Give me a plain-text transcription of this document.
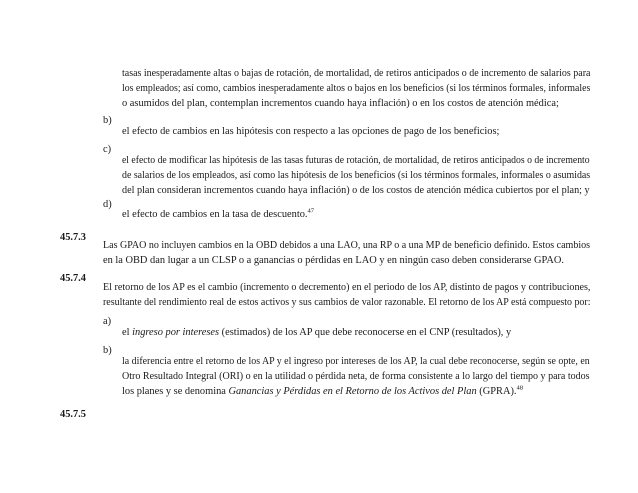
tasas inesperadamente altas o bajas de rotación, de mortalidad, de retiros anticipados o de incremento de salarios para
los empleados; así como, cambios inesperadamente altos o bajos en los beneficios (si los términos formales, informales
o asumidos del plan, contemplan incrementos cuando haya inflación) o en los costos de atención médica;
b)
el efecto de cambios en las hipótesis con respecto a las opciones de pago de los beneficios;
c)
el efecto de modificar las hipótesis de las tasas futuras de rotación, de mortalidad, de retiros anticipados o de incremento
de salarios de los empleados, así como las hipótesis de los beneficios (si los términos formales, informales o asumidas
del plan consideran incrementos cuando haya inflación) o de los costos de atención médica cubiertos por el plan; y
d)
el efecto de cambios en la tasa de descuento.$^{47}$
45.7.3
Las GPAO no incluyen cambios en la OBD debidos a una LAO, una RP o a una MP de beneficio definido. Estos cambios
en la OBD dan lugar a un CLSP o a ganancias o pérdidas en LAO y en ningún caso deben considerarse GPAO.
45.7.4
El retorno de los AP es el cambio (incremento o decremento) en el periodo de los AP, distinto de pagos y contribuciones,
resultante del rendimiento real de estos activos y sus cambios de valor razonable. El retorno de los AP está compuesto por:
a)
el ingreso por intereses (estimados) de los AP que debe reconocerse en el CNP (resultados), y
b)
la diferencia entre el retorno de los AP y el ingreso por intereses de los AP, la cual debe reconocerse, según se opte, en
Otro Resultado Integral (ORI) o en la utilidad o pérdida neta, de forma consistente a lo largo del tiempo y para todos
los planes y se denomina Ganancias y Pérdidas en el Retorno de los Activos del Plan (GPRA).$^{48}$
45.7.5
